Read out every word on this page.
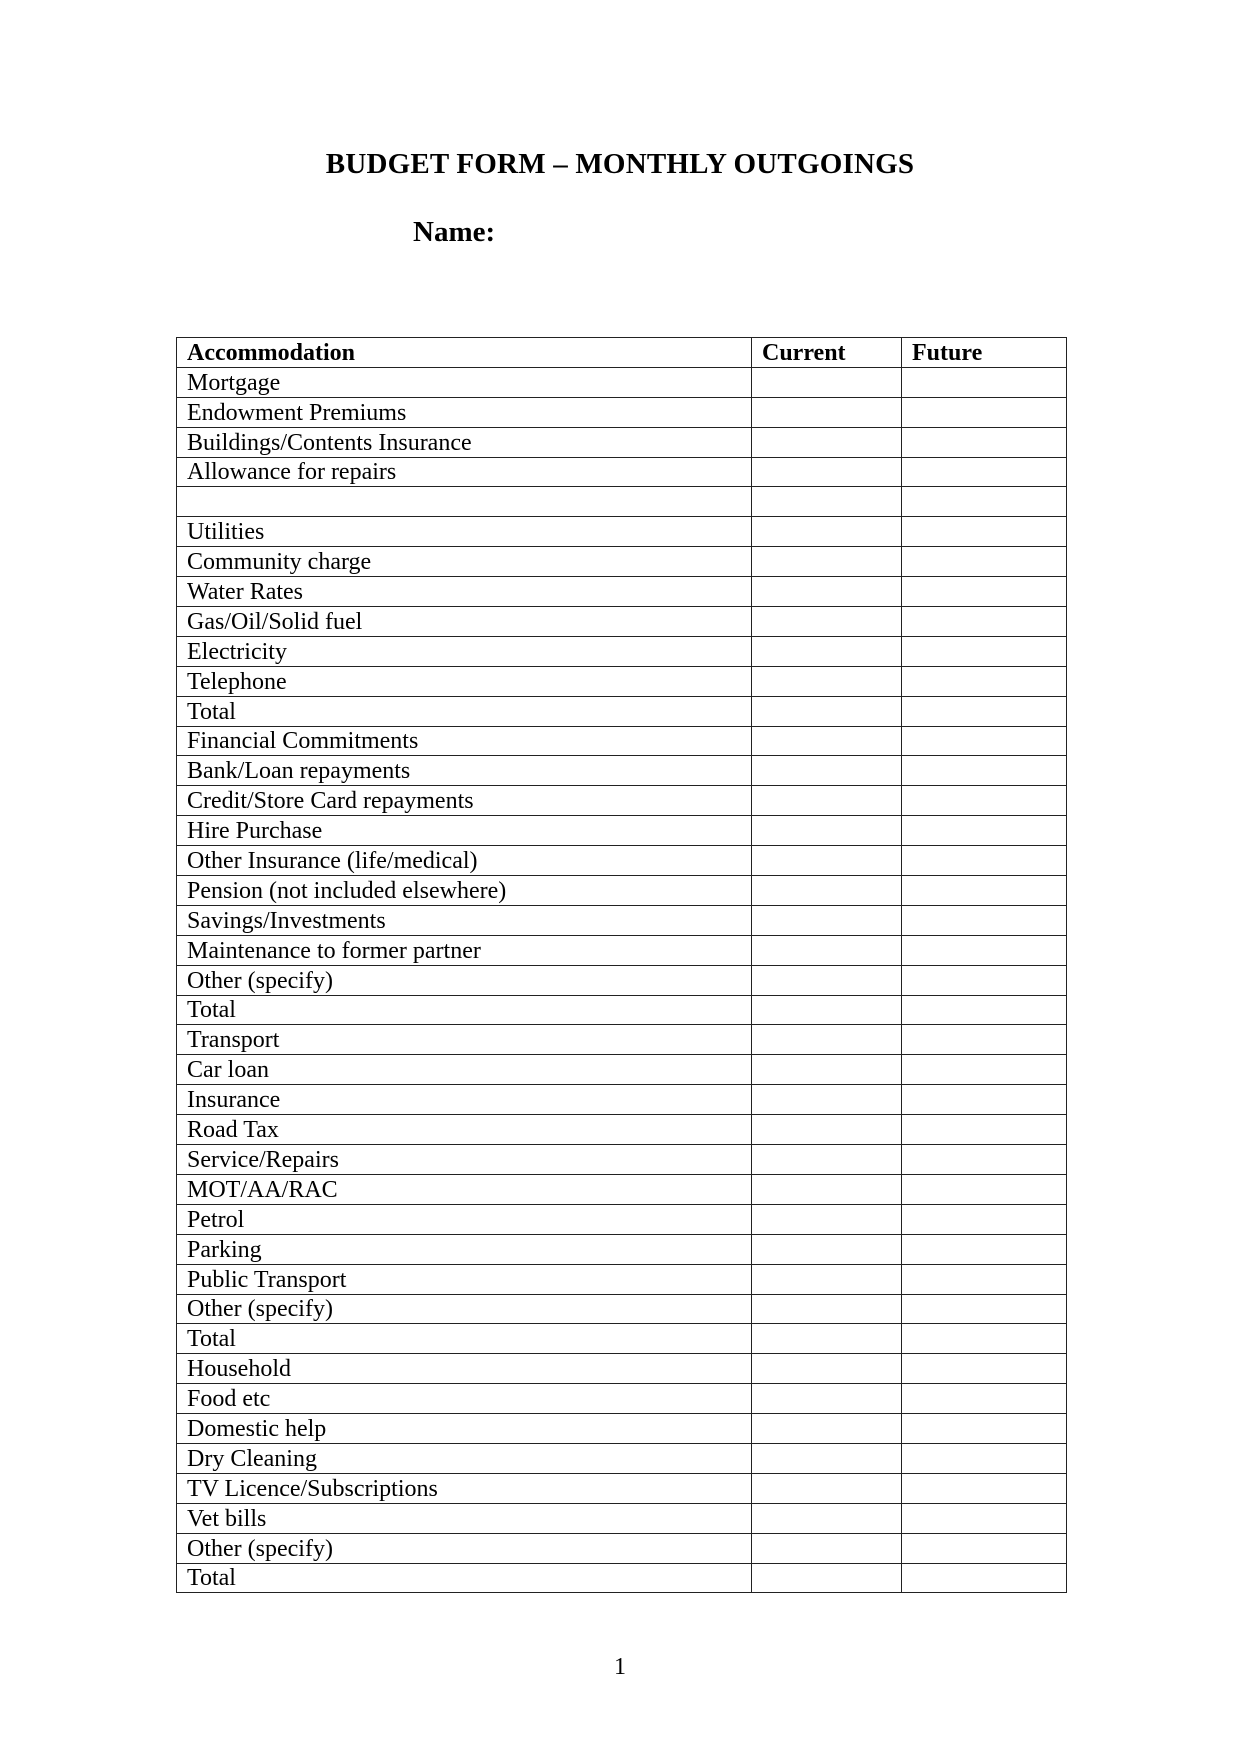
BUDGET FORM – MONTHLY OUTGOINGS
Name:
Accommodation	Current	Future
Mortgage		
Endowment Premiums		
Buildings/Contents Insurance		
Allowance for repairs		

Utilities		
Community charge		
Water Rates		
Gas/Oil/Solid fuel		
Electricity		
Telephone		
Total		
Financial Commitments		
Bank/Loan repayments		
Credit/Store Card repayments		
Hire Purchase		
Other Insurance (life/medical)		
Pension (not included elsewhere)		
Savings/Investments		
Maintenance to former partner		
Other (specify)		
Total		
Transport		
Car loan		
Insurance		
Road Tax		
Service/Repairs		
MOT/AA/RAC		
Petrol		
Parking		
Public Transport		
Other (specify)		
Total		
Household		
Food etc		
Domestic help		
Dry Cleaning		
TV Licence/Subscriptions		
Vet bills		
Other (specify)		
Total		
1
